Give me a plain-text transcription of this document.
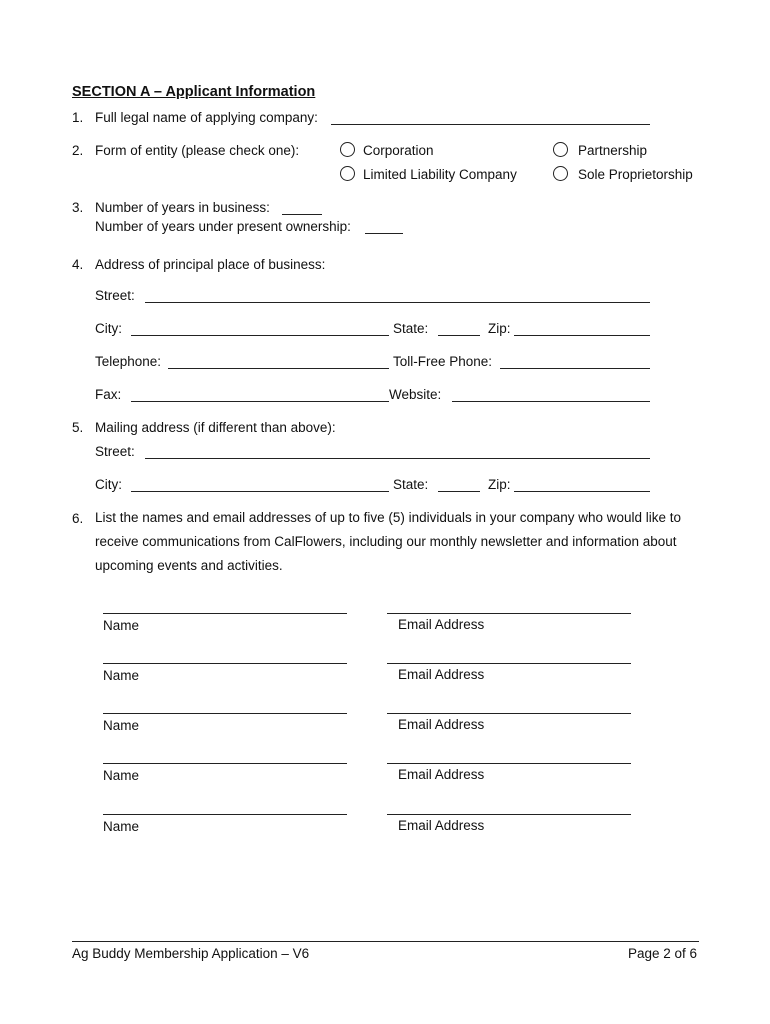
SECTION A – Applicant Information
1. Full legal name of applying company:
2. Form of entity (please check one):	Corporation	Partnership
Limited Liability Company	Sole Proprietorship
3. Number of years in business:
Number of years under present ownership:
4. Address of principal place of business:
Street:
City:	State:	Zip:
Telephone:	Toll-Free Phone:
Fax:	Website:
5. Mailing address (if different than above):
Street:
City:	State:	Zip:
6. List the names and email addresses of up to five (5) individuals in your company who would like to receive communications from CalFlowers, including our monthly newsletter and information about upcoming events and activities.
Name	Email Address
Name	Email Address
Name	Email Address
Name	Email Address
Name	Email Address
Ag Buddy Membership Application – V6	Page 2 of 6
